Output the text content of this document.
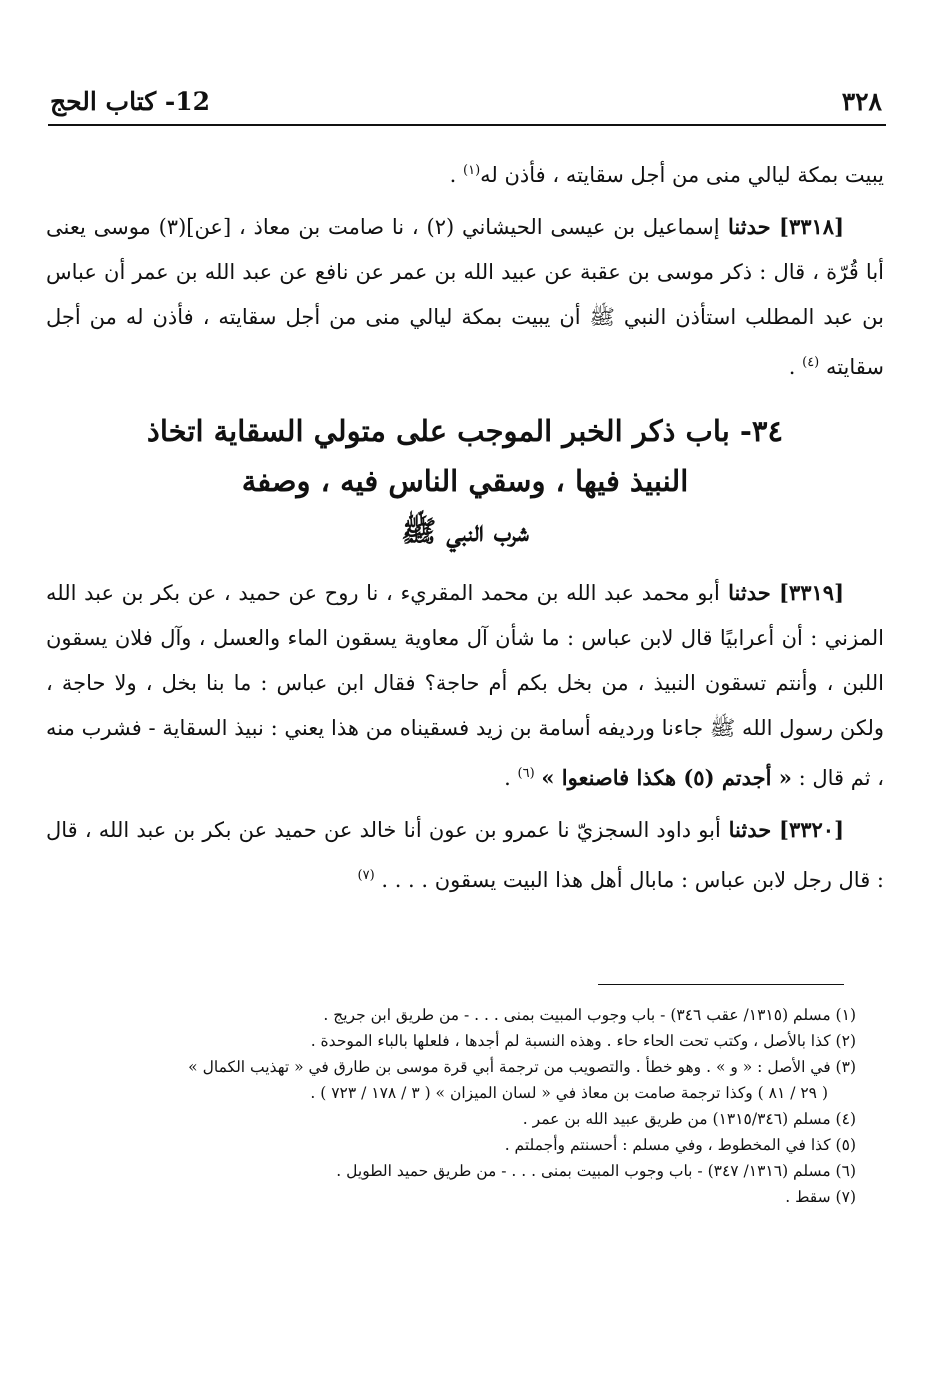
٣٢٨
12- كتاب الحج

يبيت بمكة ليالي منى من أجل سقايته ، فأذن له$^{(١)}$ .

[٣٣١٨] حدثنا إسماعيل بن عيسى الحيشاني (٢) ، نا صامت بن معاذ ، [عن](٣) موسى يعنى أبا قُرّة ، قال : ذكر موسى بن عقبة عن عبيد الله بن عمر عن نافع عن عبد الله بن عمر أن عباس بن عبد المطلب استأذن النبي ﷺ أن يبيت بمكة ليالي منى من أجل سقايته ، فأذن له من أجل سقايته $^{(٤)}$ .

٣٤- باب ذكر الخبر الموجب على متولي السقاية اتخاذ
النبيذ فيها ، وسقي الناس فيه ، وصفة
شرب النبي ﷺ

[٣٣١٩] حدثنا أبو محمد عبد الله بن محمد المقريء ، نا روح عن حميد ، عن بكر بن عبد الله المزني : أن أعرابيًا قال لابن عباس : ما شأن آل معاوية يسقون الماء والعسل ، وآل فلان يسقون اللبن ، وأنتم تسقون النبيذ ، من بخل بكم أم حاجة؟ فقال ابن عباس : ما بنا بخل ، ولا حاجة ، ولكن رسول الله ﷺ جاءنا ورديفه أسامة بن زيد فسقيناه من هذا يعني : نبيذ السقاية - فشرب منه ، ثم قال : « أجدتم (٥) هكذا فاصنعوا » $^{(٦)}$ .

[٣٣٢٠] حدثنا أبو داود السجزيّ نا عمرو بن عون أنا خالد عن حميد عن بكر بن عبد الله ، قال : قال رجل لابن عباس : مابال أهل هذا البيت يسقون . . . . $^{(٧)}$

(١) مسلم (١٣١٥/ عقب ٣٤٦) - باب وجوب المبيت بمنى . . . - من طريق ابن جريج .

(٢) كذا بالأصل ، وكتب تحت الحاء حاء . وهذه النسبة لم أجدها ، فلعلها بالباء الموحدة .

(٣) في الأصل : « و » . وهو خطأ . والتصويب من ترجمة أبي قرة موسى بن طارق في « تهذيب الكمال »
( ٢٩ / ٨١ ) وكذا ترجمة صامت بن معاذ في « لسان الميزان » ( ٣ / ١٧٨ / ٧٢٣ ) .

(٤) مسلم (١٣١٥/٣٤٦) من طريق عبيد الله بن عمر .

(٥) كذا في المخطوط ، وفي مسلم : أحسنتم وأجملتم .

(٦) مسلم (١٣١٦/ ٣٤٧) - باب وجوب المبيت بمنى . . . - من طريق حميد الطويل .

(٧) سقط .
